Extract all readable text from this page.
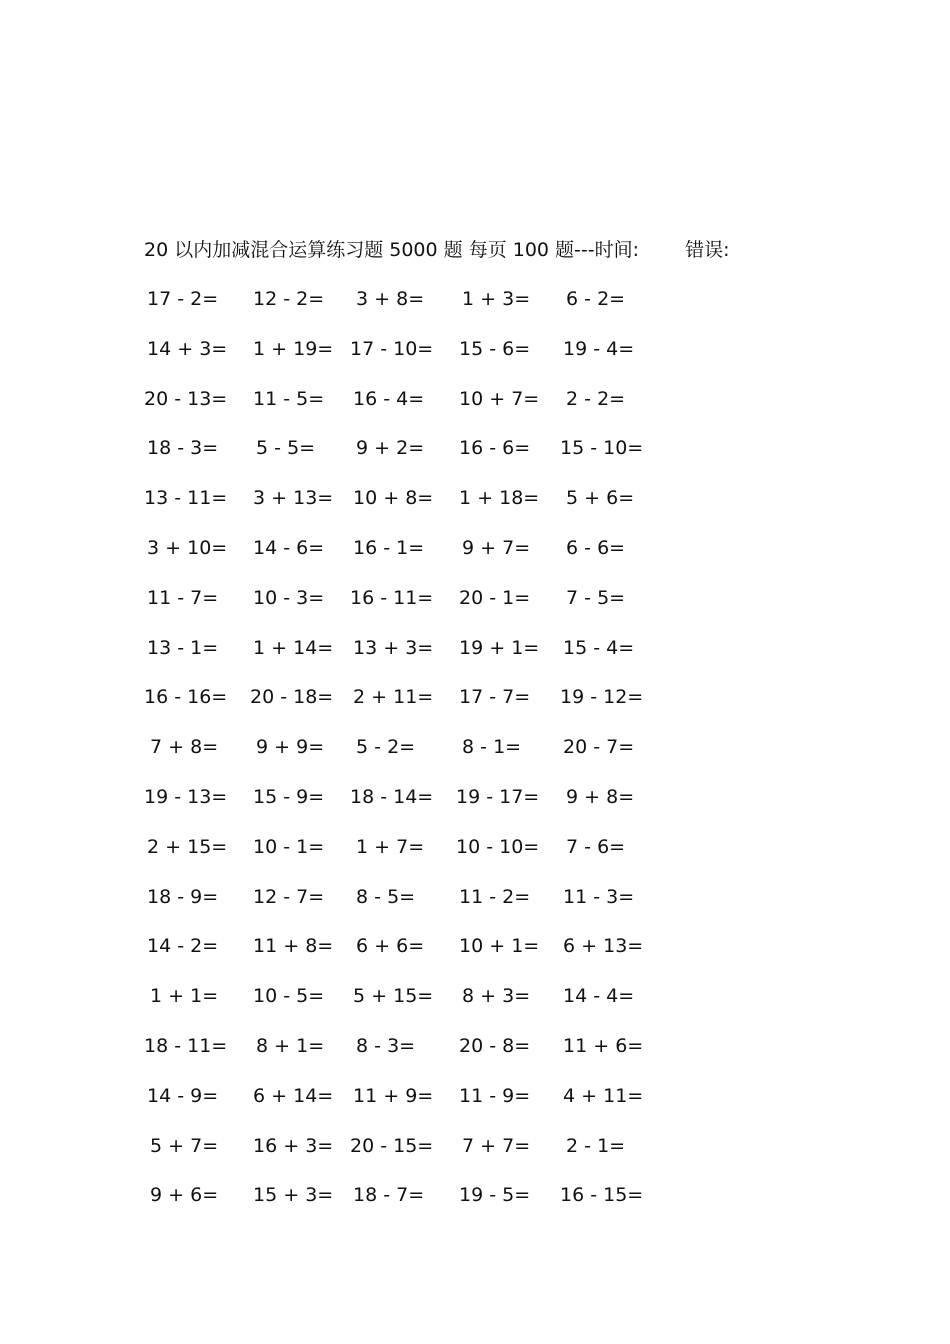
20 以内加减混合运算练习题 5000 题 每页 100 题---时间: 错误:
17 - 2= 12 - 2= 3 + 8= 1 + 3= 6 - 2=
14 + 3= 1 + 19= 17 - 10= 15 - 6= 19 - 4=
20 - 13= 11 - 5= 16 - 4= 10 + 7= 2 - 2=
18 - 3= 5 - 5= 9 + 2= 16 - 6= 15 - 10=
13 - 11= 3 + 13= 10 + 8= 1 + 18= 5 + 6=
3 + 10= 14 - 6= 16 - 1= 9 + 7= 6 - 6=
11 - 7= 10 - 3= 16 - 11= 20 - 1= 7 - 5=
13 - 1= 1 + 14= 13 + 3= 19 + 1= 15 - 4=
16 - 16= 20 - 18= 2 + 11= 17 - 7= 19 - 12=
7 + 8= 9 + 9= 5 - 2= 8 - 1= 20 - 7=
19 - 13= 15 - 9= 18 - 14= 19 - 17= 9 + 8=
2 + 15= 10 - 1= 1 + 7= 10 - 10= 7 - 6=
18 - 9= 12 - 7= 8 - 5= 11 - 2= 11 - 3=
14 - 2= 11 + 8= 6 + 6= 10 + 1= 6 + 13=
1 + 1= 10 - 5= 5 + 15= 8 + 3= 14 - 4=
18 - 11= 8 + 1= 8 - 3= 20 - 8= 11 + 6=
14 - 9= 6 + 14= 11 + 9= 11 - 9= 4 + 11=
5 + 7= 16 + 3= 20 - 15= 7 + 7= 2 - 1=
9 + 6= 15 + 3= 18 - 7= 19 - 5= 16 - 15=
